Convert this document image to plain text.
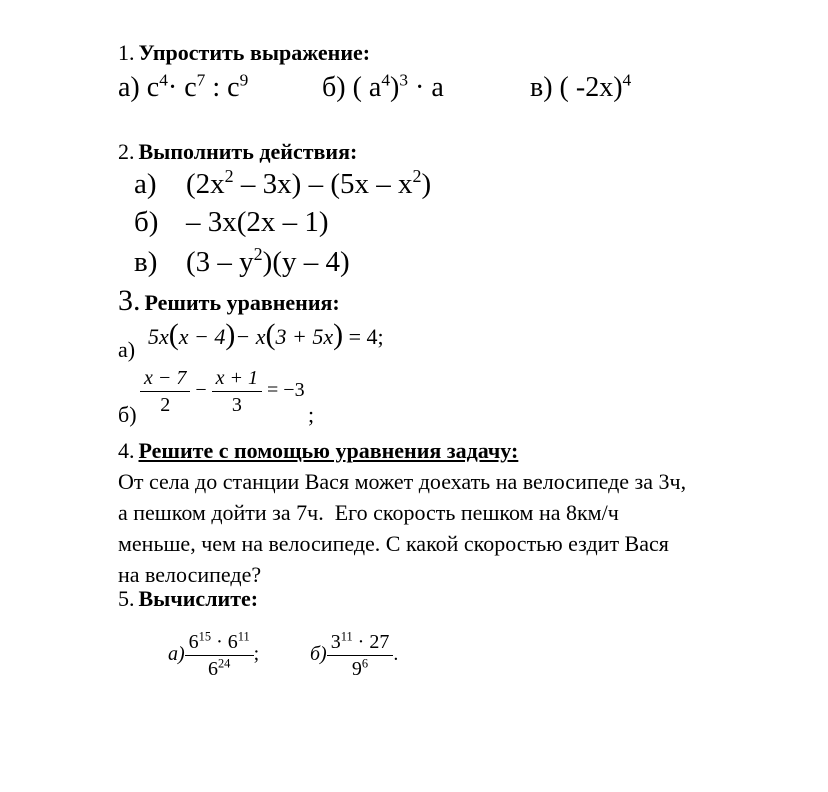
1. Упростить выражение:
а) $c^4\cdot c^7$ : $c^9$	б) ( $a^4)^3 \cdot a$	в) ( -2x)$^4$
2. Выполнить действия:
а) $(2x^2 - 3x) - (5x - x^2)$
б) – 3x(2x – 1)
в) $(3 - y^2)(y - 4)$
3. Решить уравнения:
а)
5x(x − 4)− x(3 + 5x) = 4;
$б) \frac{x - 7}{2} - \frac{x + 1}{3} = -3$
;
4. Решите с помощью уравнения задачу:
От села до станции Вася может доехать на велосипеде за 3ч,
а пешком дойти за 7ч.  Его скорость пешком на 8км/ч
меньше, чем на велосипеде. С какой скоростью ездит Вася
на велосипеде?
5. Вычислите:
$а) \frac{6^{15} \cdot 6^{11}}{6^{24}}$ ;	$б) \frac{3^{11} \cdot 27}{9^6}$ .
